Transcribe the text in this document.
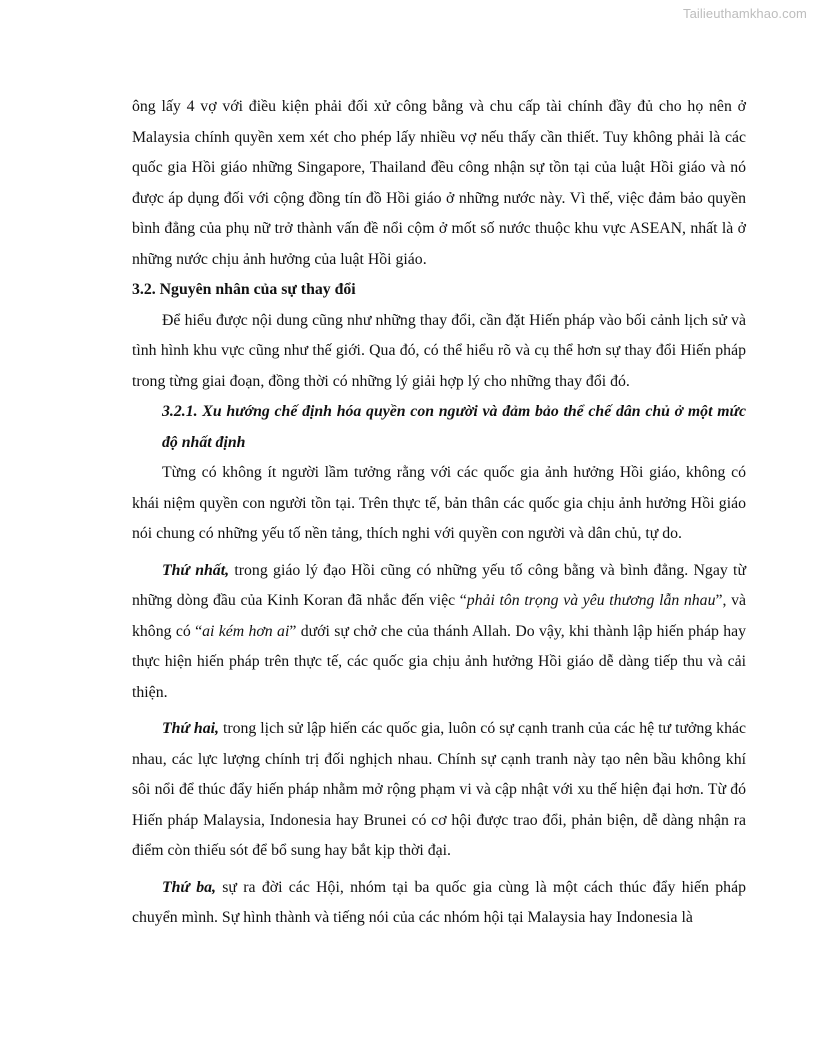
Tailieuthamkhao.com

ông lấy 4 vợ với điều kiện phải đối xử công bằng và chu cấp tài chính đầy đủ cho họ nên ở Malaysia chính quyền xem xét cho phép lấy nhiều vợ nếu thấy cần thiết. Tuy không phải là các quốc gia Hồi giáo những Singapore, Thailand đều công nhận sự tồn tại của luật Hồi giáo và nó được áp dụng đối với cộng đồng tín đồ Hồi giáo ở những nước này. Vì thế, việc đảm bảo quyền bình đẳng của phụ nữ trở thành vấn đề nổi cộm ở mốt số nước thuộc khu vực ASEAN, nhất là ở những nước chịu ảnh hưởng của luật Hồi giáo.

3.2. Nguyên nhân của sự thay đổi

Để hiểu được nội dung cũng như những thay đổi, cần đặt Hiến pháp vào bối cảnh lịch sử và tình hình khu vực cũng như thế giới. Qua đó, có thể hiểu rõ và cụ thể hơn sự thay đổi Hiến pháp trong từng giai đoạn, đồng thời có những lý giải hợp lý cho những thay đổi đó.

3.2.1. Xu hướng chế định hóa quyền con người và đảm bảo thể chế dân chủ ở một mức độ nhất định

Từng có không ít người lầm tưởng rằng với các quốc gia ảnh hưởng Hồi giáo, không có khái niệm quyền con người tồn tại. Trên thực tế, bản thân các quốc gia chịu ảnh hưởng Hồi giáo nói chung có những yếu tố nền tảng, thích nghi với quyền con người và dân chủ, tự do.

Thứ nhất, trong giáo lý đạo Hồi cũng có những yếu tố công bằng và bình đẳng. Ngay từ những dòng đầu của Kinh Koran đã nhắc đến việc “phải tôn trọng và yêu thương lẫn nhau”, và không có “ai kém hơn ai” dưới sự chở che của thánh Allah. Do vậy, khi thành lập hiến pháp hay thực hiện hiến pháp trên thực tế, các quốc gia chịu ảnh hưởng Hồi giáo dễ dàng tiếp thu và cải thiện.

Thứ hai, trong lịch sử lập hiến các quốc gia, luôn có sự cạnh tranh của các hệ tư tưởng khác nhau, các lực lượng chính trị đối nghịch nhau. Chính sự cạnh tranh này tạo nên bầu không khí sôi nổi để thúc đẩy hiến pháp nhằm mở rộng phạm vi và cập nhật với xu thế hiện đại hơn. Từ đó Hiến pháp Malaysia, Indonesia hay Brunei có cơ hội được trao đổi, phản biện, dễ dàng nhận ra điểm còn thiếu sót để bổ sung hay bắt kịp thời đại.

Thứ ba, sự ra đời các Hội, nhóm tại ba quốc gia cùng là một cách thúc đẩy hiến pháp chuyển mình. Sự hình thành và tiếng nói của các nhóm hội tại Malaysia hay Indonesia là
